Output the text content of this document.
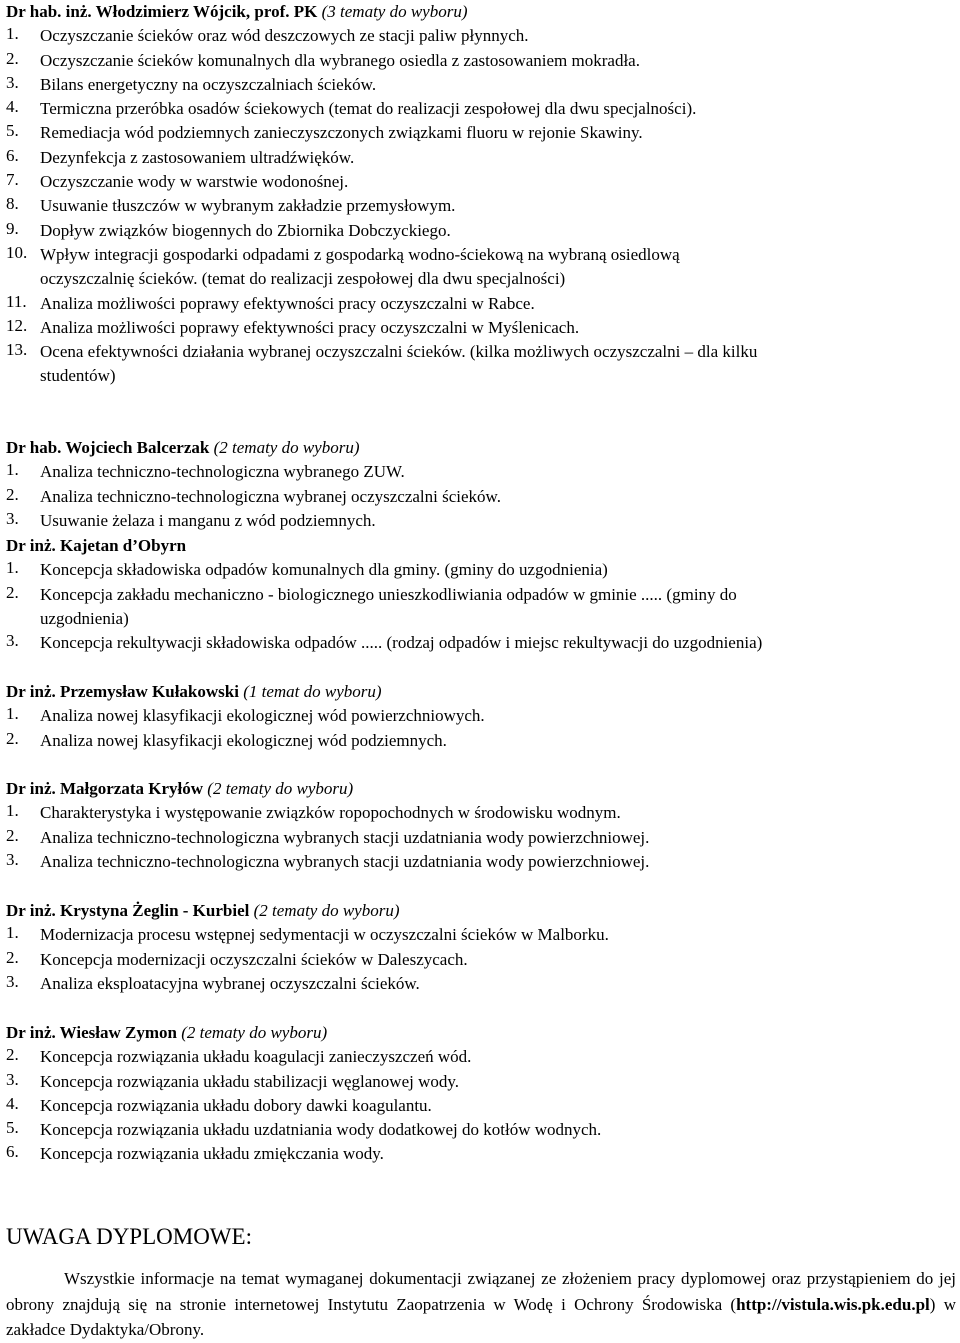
Dr hab. inż. Włodzimierz Wójcik, prof. PK (3 tematy do wyboru)
1. Oczyszczanie ścieków oraz wód deszczowych ze stacji paliw płynnych.
2. Oczyszczanie ścieków komunalnych dla wybranego osiedla z zastosowaniem mokradła.
3. Bilans energetyczny na oczyszczalniach ścieków.
4. Termiczna przeróbka osadów ściekowych (temat do realizacji zespołowej dla dwu specjalności).
5. Remediacja wód podziemnych zanieczyszczonych związkami fluoru w rejonie Skawiny.
6. Dezynfekcja z zastosowaniem ultradźwięków.
7. Oczyszczanie wody w warstwie wodonośnej.
8. Usuwanie tłuszczów w wybranym zakładzie przemysłowym.
9. Dopływ związków biogennych do Zbiornika Dobczyckiego.
10. Wpływ integracji gospodarki odpadami z gospodarką wodno-ściekową na wybraną osiedlową
oczyszczalnię ścieków. (temat do realizacji zespołowej dla dwu specjalności)
11. Analiza możliwości poprawy efektywności pracy oczyszczalni w Rabce.
12. Analiza możliwości poprawy efektywności pracy oczyszczalni w Myślenicach.
13. Ocena efektywności działania wybranej oczyszczalni ścieków. (kilka możliwych oczyszczalni – dla kilku
studentów)
Dr hab. Wojciech Balcerzak (2 tematy do wyboru)
1. Analiza techniczno-technologiczna wybranego ZUW.
2. Analiza techniczno-technologiczna wybranej oczyszczalni ścieków.
3. Usuwanie żelaza i manganu z wód podziemnych.
Dr inż. Kajetan d’Obyrn
1. Koncepcja składowiska odpadów komunalnych dla gminy. (gminy do uzgodnienia)
2. Koncepcja zakładu mechaniczno - biologicznego unieszkodliwiania odpadów w gminie ..... (gminy do
uzgodnienia)
3. Koncepcja rekultywacji składowiska odpadów ..... (rodzaj odpadów i miejsc rekultywacji do uzgodnienia)
Dr inż. Przemysław Kułakowski (1 temat do wyboru)
1. Analiza nowej klasyfikacji ekologicznej wód powierzchniowych.
2. Analiza nowej klasyfikacji ekologicznej wód podziemnych.
Dr inż. Małgorzata Kryłów (2 tematy do wyboru)
1. Charakterystyka i występowanie związków ropopochodnych w środowisku wodnym.
2. Analiza techniczno-technologiczna wybranych stacji uzdatniania wody powierzchniowej.
3. Analiza techniczno-technologiczna wybranych stacji uzdatniania wody powierzchniowej.
Dr inż. Krystyna Żeglin - Kurbiel (2 tematy do wyboru)
1. Modernizacja procesu wstępnej sedymentacji w oczyszczalni ścieków w Malborku.
2. Koncepcja modernizacji oczyszczalni ścieków w Daleszycach.
3. Analiza eksploatacyjna wybranej oczyszczalni ścieków.
Dr inż. Wiesław Zymon (2 tematy do wyboru)
2. Koncepcja rozwiązania układu koagulacji zanieczyszczeń wód.
3. Koncepcja rozwiązania układu stabilizacji węglanowej wody.
4. Koncepcja rozwiązania układu dobory dawki koagulantu.
5. Koncepcja rozwiązania układu uzdatniania wody dodatkowej do kotłów wodnych.
6. Koncepcja rozwiązania układu zmiękczania wody.
UWAGA DYPLOMOWE:
Wszystkie informacje na temat wymaganej dokumentacji związanej ze złożeniem pracy dyplomowej oraz przystąpieniem do jej obrony znajdują się na stronie internetowej Instytutu Zaopatrzenia w Wodę i Ochrony Środowiska (http://vistula.wis.pk.edu.pl) w zakładce Dydaktyka/Obrony.
